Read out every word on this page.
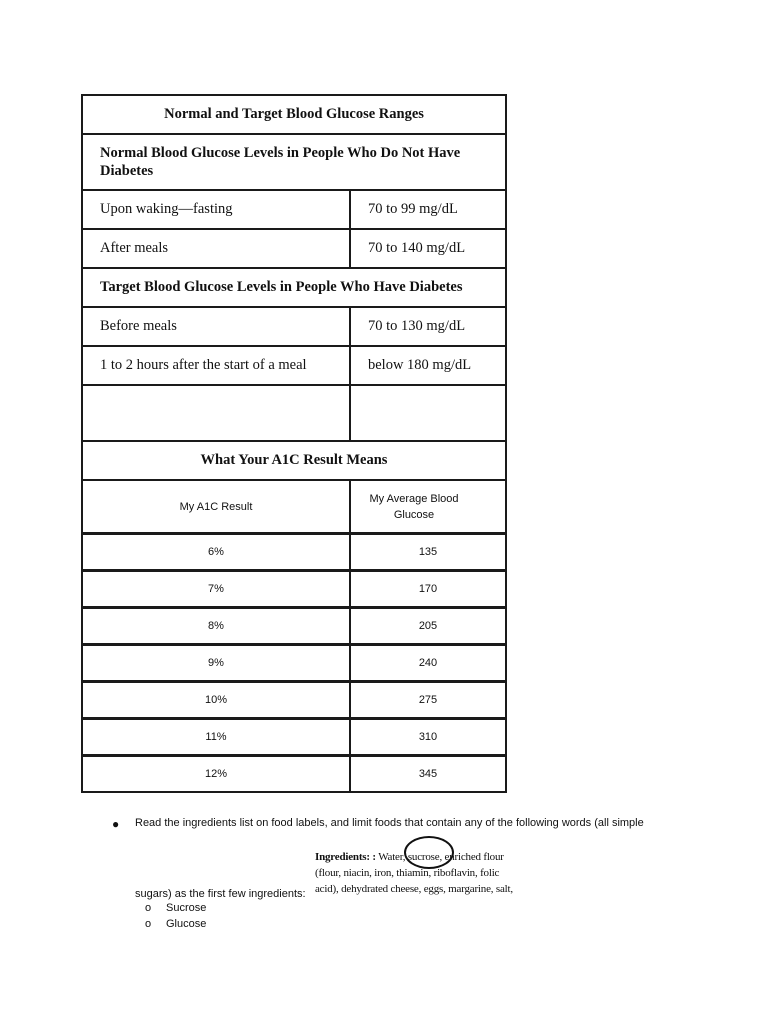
Normal and Target Blood Glucose Ranges	
Normal Blood Glucose Levels in People Who Do Not Have Diabetes	
Upon waking—fasting	70 to 99 mg/dL
After meals	70 to 140 mg/dL
Target Blood Glucose Levels in People Who Have Diabetes	
Before meals	70 to 130 mg/dL
1 to 2 hours after the start of a meal	below 180 mg/dL

What Your A1C Result Means	
My A1C Result	My Average Blood Glucose
6%	135
7%	170
8%	205
9%	240
10%	275
11%	310
12%	345
● Read the ingredients list on food labels, and limit foods that contain any of the following words (all simple
sugars) as the first few ingredients:
o Sucrose
o Glucose
Ingredients: : Water, sucrose, enriched flour
(flour, niacin, iron, thiamin, riboflavin, folic
acid), dehydrated cheese, eggs, margarine, salt,
